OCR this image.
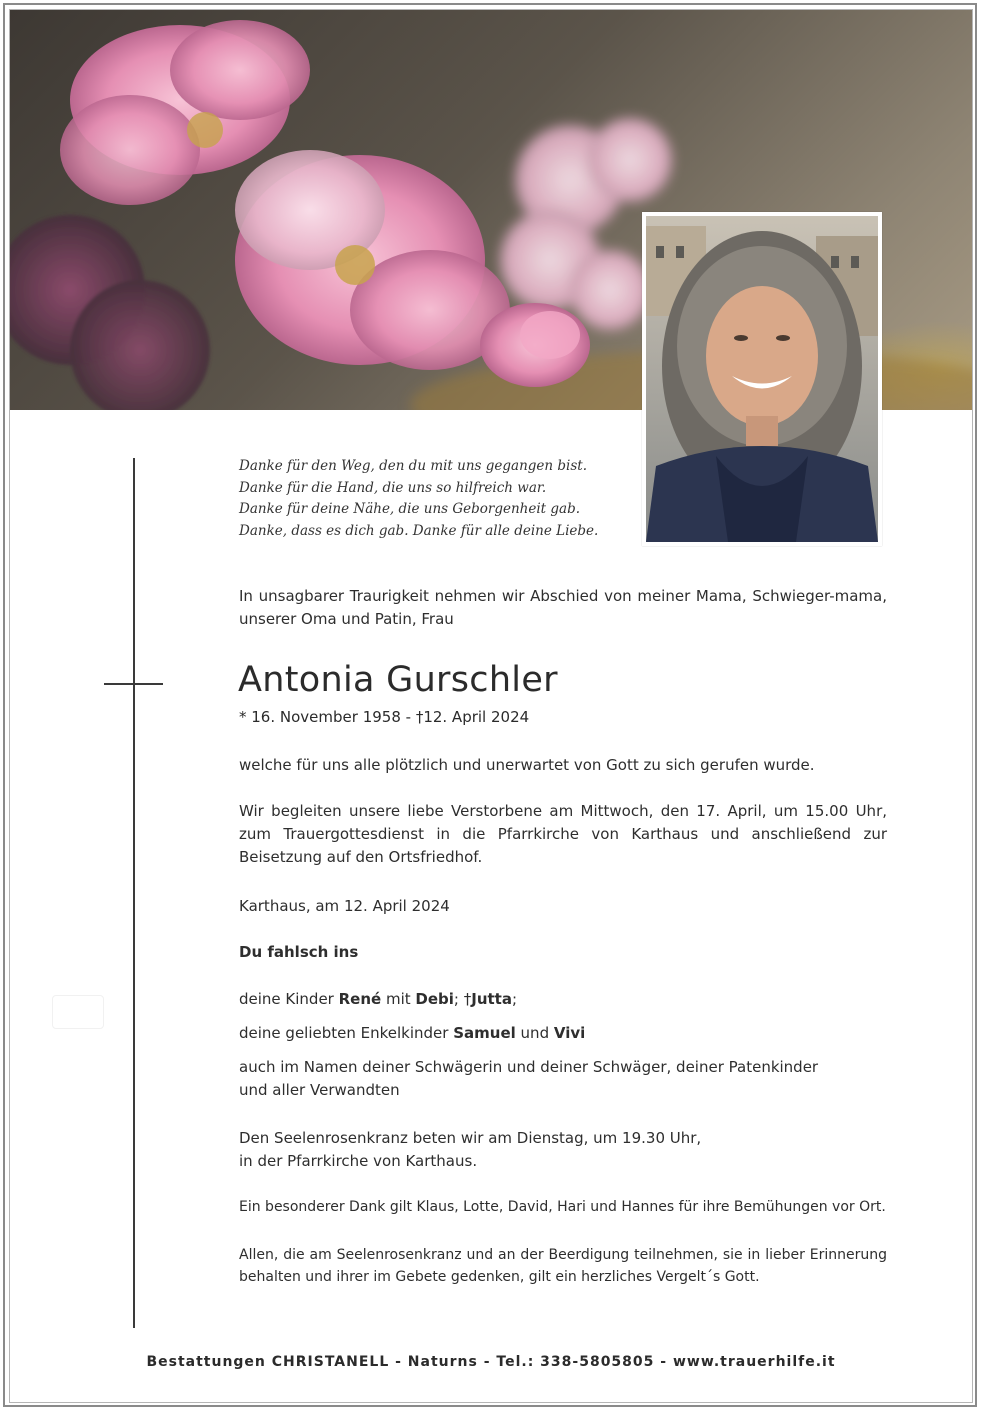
Danke für den Weg, den du mit uns gegangen bist.
Danke für die Hand, die uns so hilfreich war.
Danke für deine Nähe, die uns Geborgenheit gab.
Danke, dass es dich gab. Danke für alle deine Liebe.
In unsagbarer Traurigkeit nehmen wir Abschied von meiner Mama, Schwieger-mama, unserer Oma und Patin, Frau
Antonia Gurschler
* 16. November 1958 - †12. April 2024
welche für uns alle plötzlich und unerwartet von Gott zu sich gerufen wurde.
Wir begleiten unsere liebe Verstorbene am Mittwoch, den 17. April, um 15.00 Uhr, zum Trauergottesdienst in die Pfarrkirche von Karthaus und anschließend zur Beisetzung auf den Ortsfriedhof.
Karthaus, am 12. April 2024
Du fahlsch ins
deine Kinder René mit Debi; †Jutta;
deine geliebten Enkelkinder Samuel und Vivi
auch im Namen deiner Schwägerin und deiner Schwäger, deiner Patenkinder
und aller Verwandten
Den Seelenrosenkranz beten wir am Dienstag, um 19.30 Uhr,
in der Pfarrkirche von Karthaus.
Ein besonderer Dank gilt Klaus, Lotte, David, Hari und Hannes für ihre Bemühungen vor Ort.
Allen, die am Seelenrosenkranz und an der Beerdigung teilnehmen, sie in lieber Erinnerung behalten und ihrer im Gebete gedenken, gilt ein herzliches Vergelt´s Gott.
Bestattungen CHRISTANELL - Naturns - Tel.: 338-5805805 - www.trauerhilfe.it
